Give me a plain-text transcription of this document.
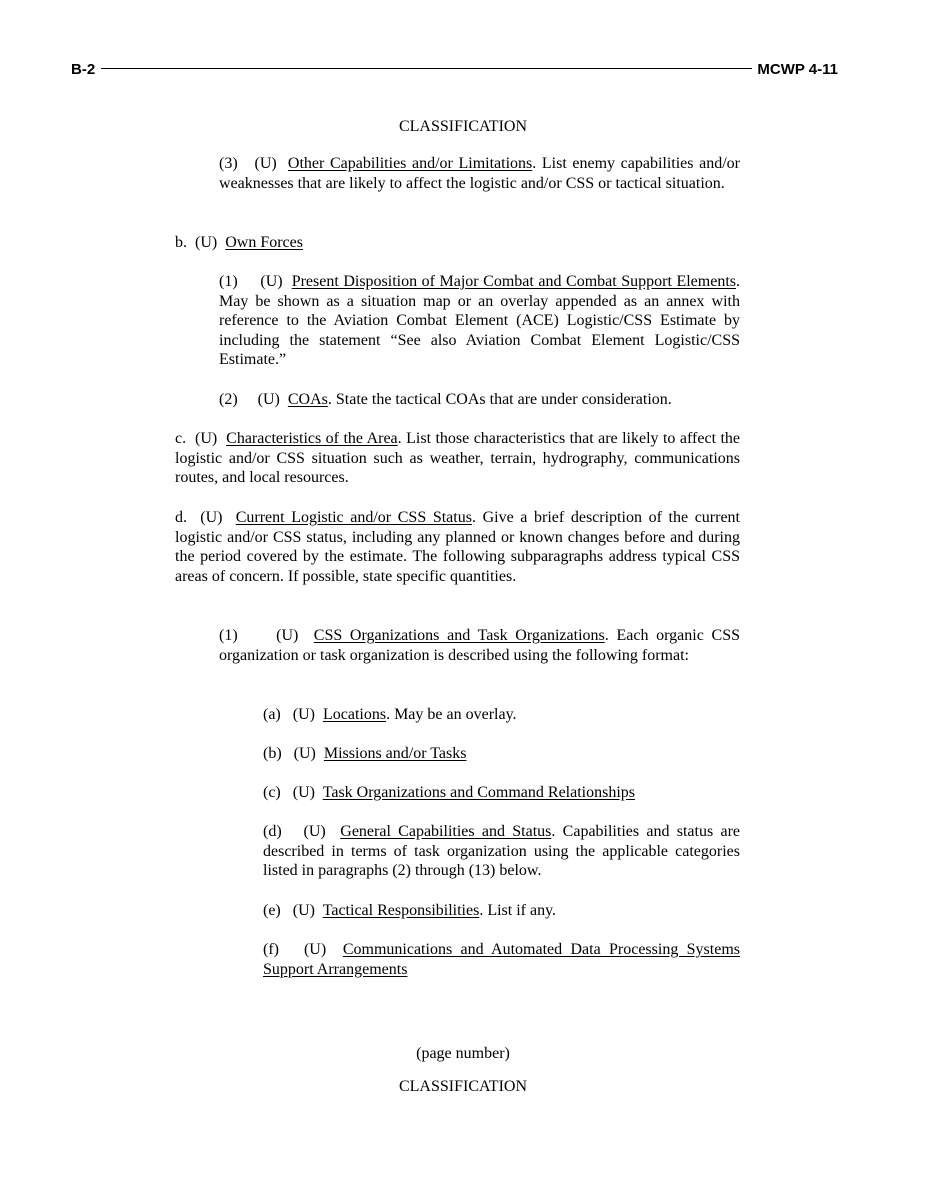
B-2	MCWP 4-11
CLASSIFICATION
(3)   (U)  Other Capabilities and/or Limitations. List enemy capabilities and/or weaknesses that are likely to affect the logistic and/or CSS or tactical situation.
b.  (U)  Own Forces
(1)     (U)  Present Disposition of Major Combat and Combat Support Elements. May be shown as a situation map or an overlay appended as an annex with reference to the Aviation Combat Element (ACE) Logistic/CSS Estimate by including the statement “See also Aviation Combat Element Logistic/CSS Estimate.”
(2)     (U)  COAs. State the tactical COAs that are under consideration.
c.  (U)  Characteristics of the Area. List those characteristics that are likely to affect the logistic and/or CSS situation such as weather, terrain, hydrography, communications routes, and local resources.
d.  (U)  Current Logistic and/or CSS Status. Give a brief description of the current logistic and/or CSS status, including any planned or known changes before and during the period covered by the estimate. The following subparagraphs address typical CSS areas of concern. If possible, state specific quantities.
(1)     (U)  CSS Organizations and Task Organizations. Each organic CSS organization or task organization is described using the following format:
(a)   (U)  Locations. May be an overlay.
(b)   (U)  Missions and/or Tasks
(c)   (U)  Task Organizations and Command Relationships
(d)   (U)  General Capabilities and Status. Capabilities and status are described in terms of task organization using the applicable categories listed in paragraphs (2) through (13) below.
(e)   (U)  Tactical Responsibilities. List if any.
(f)   (U)  Communications and Automated Data Processing Systems Support Arrangements
(page number)
CLASSIFICATION
